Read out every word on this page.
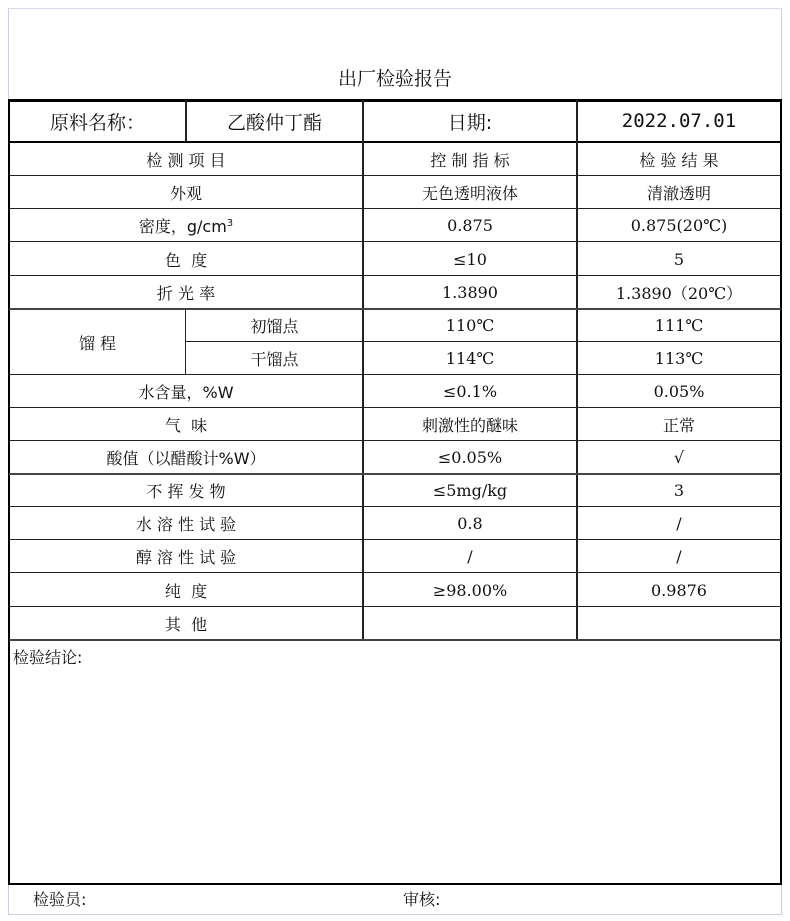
出厂检验报告
原料名称：	乙酸仲丁酯	日期:	2022.07.01
检 测 项 目	控 制 指 标	检 验 结 果
外观	无色透明液体	清澈透明
密度，$g/cm^3$	0.875	0.875(20℃)
色  度	≤10	5
折 光 率	1.3890	1.3890（20℃）
馏 程
初馏点	110℃	111℃
干馏点	114℃	113℃
水含量，%W	≤0.1%	0.05%
气  味	刺激性的醚味	正常
酸值（以醋酸计%W）	≤0.05%	√
不 挥 发 物	≤5mg/kg	3
水 溶 性 试 验	0.8	/
醇 溶 性 试 验	/	/
纯  度	≥98.00%	0.9876
其  他
检验结论:
检验员:	审核:
